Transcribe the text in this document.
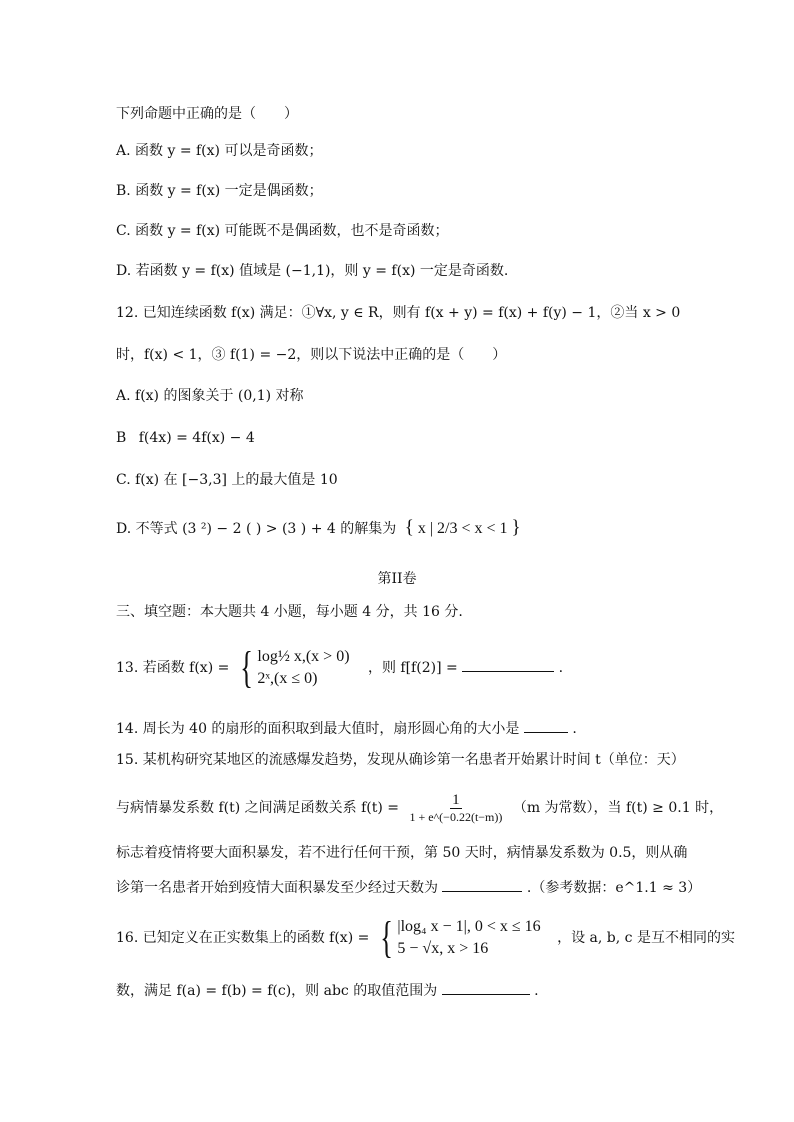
下列命题中正确的是（　　）
A. 函数 y = f(x) 可以是奇函数；
B. 函数 y = f(x) 一定是偶函数；
C. 函数 y = f(x) 可能既不是偶函数，也不是奇函数；
D. 若函数 y = f(x) 值域是 (−1,1)，则 y = f(x) 一定是奇函数.
12. 已知连续函数 f(x) 满足：①∀x, y ∈ R，则有 f(x + y) = f(x) + f(y) − 1，②当 x > 0
时，f(x) < 1，③ f(1) = −2，则以下说法中正确的是（　　）
A. f(x) 的图象关于 (0,1) 对称
B f(4x) = 4f(x) − 4
C. f(x) 在 [−3,3] 上的最大值是 10
D. 不等式 (3 ²) − 2 ( ) > (3 ) + 4 的解集为 { x | 2/3 < x < 1 }
第II卷
三、填空题：本大题共 4 小题，每小题 4 分，共 16 分.
13. 若函数 f(x) = { log½ x,(x > 0)
2ˣ,(x ≤ 0)
，则 f[f(2)] =	.
14. 周长为 40 的扇形的面积取到最大值时，扇形圆心角的大小是	.
15. 某机构研究某地区的流感爆发趋势，发现从确诊第一名患者开始累计时间 t（单位：天）
与病情暴发系数 f(t) 之间满足函数关系 $f(t) = \frac{1}{1 + e\^{}(-0.22(t-m))} (m$ 为常数），当 f(t) ≥ 0.1 时，
标志着疫情将要大面积暴发，若不进行任何干预，第 50 天时，病情暴发系数为 0.5，则从确
诊第一名患者开始到疫情大面积暴发至少经过天数为	.（参考数据：e^1.1 ≈ 3）
16. 已知定义在正实数集上的函数 f(x) = { |log₄ x − 1|, 0 < x ≤ 16
5 − √x, x > 16
，设 a, b, c 是互不相同的实
数，满足 f(a) = f(b) = f(c)，则 abc 的取值范围为	.
